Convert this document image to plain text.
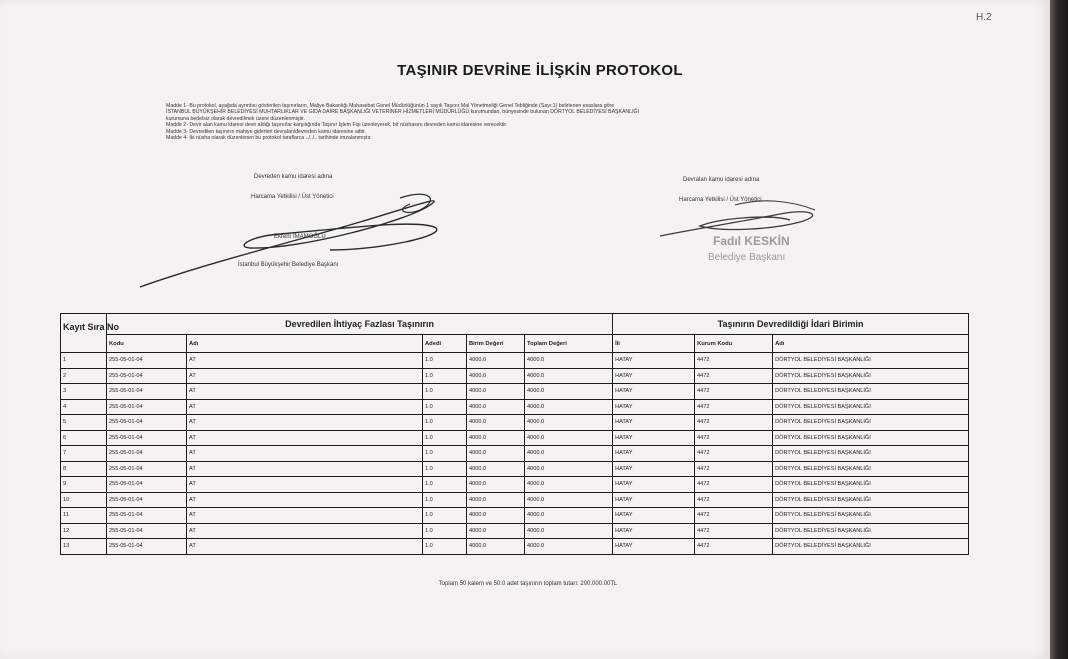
H.2
TAŞINIR DEVRİNE İLİŞKİN PROTOKOL

Madde 1- Bu protokol, aşağıda ayrıntısı gösterilen taşınırların, Maliye Bakanlığı Muhasebat Genel Müdürlüğünün 1 sayılı Taşınır Mal Yönetmeliği Genel Tebliğinde (Sayı:1) belirlenen esaslara göre

İSTANBUL BÜYÜKŞEHİR BELEDİYESİ MUHTARLIKLAR VE GIDA DAİRE BAŞKANLIĞI VETERİNER HİZMETLERİ MÜDÜRLÜĞÜ kurumundan, bünyesinde bulunan DÖRTYOL BELEDİYESİ BAŞKANLIĞI

kurumuna bedelsiz olarak devredilmek üzere düzenlenmiştir.

Madde 2- Devir alan kamu idaresi devir aldığı taşınırlar karşılığında Taşınır İşlem Fişi üzenleyerek, bir nüshasını devreden kamu idaresine verecektir.

Madde 3- Devredilen taşınırın mahiye giderleri devralan/devreden kamu idaresine aittir.

Madde 4- İki nüsha olarak düzenlenen bu protokol taraflarca ../../.. tarihinde imzalanmıştır.

Devreden kamu idaresi adına
Harcama Yetkilisi / Üst Yönetici
Ekrem İMAMOĞLU
İstanbul Büyükşehir Belediye Başkanı
Devralan kamu idaresi adına
Harcama Yetkilisi / Üst Yönetici
Fadıl KESKİN
Belediye Başkanı
Kayıt Sıra No	Devredilen İhtiyaç Fazlası Taşınırın					Taşınırın Devredildiği İdari Birimin		
	Kodu	Adı	Adedi	Birim Değeri	Toplam Değeri	İli	Kurum Kodu	Adı
1	255-05-01-04	AT	1.0	4000.0	4000.0	HATAY	4472	DÖRTYOL BELEDİYESİ BAŞKANLIĞI
2	255-05-01-04	AT	1.0	4000.0	4000.0	HATAY	4472	DÖRTYOL BELEDİYESİ BAŞKANLIĞI
3	255-05-01-04	AT	1.0	4000.0	4000.0	HATAY	4472	DÖRTYOL BELEDİYESİ BAŞKANLIĞI
4	255-05-01-04	AT	1.0	4000.0	4000.0	HATAY	4472	DÖRTYOL BELEDİYESİ BAŞKANLIĞI
5	255-05-01-04	AT	1.0	4000.0	4000.0	HATAY	4472	DÖRTYOL BELEDİYESİ BAŞKANLIĞI
6	255-05-01-04	AT	1.0	4000.0	4000.0	HATAY	4472	DÖRTYOL BELEDİYESİ BAŞKANLIĞI
7	255-05-01-04	AT	1.0	4000.0	4000.0	HATAY	4472	DÖRTYOL BELEDİYESİ BAŞKANLIĞI
8	255-05-01-04	AT	1.0	4000.0	4000.0	HATAY	4472	DÖRTYOL BELEDİYESİ BAŞKANLIĞI
9	255-05-01-04	AT	1.0	4000.0	4000.0	HATAY	4472	DÖRTYOL BELEDİYESİ BAŞKANLIĞI
10	255-05-01-04	AT	1.0	4000.0	4000.0	HATAY	4472	DÖRTYOL BELEDİYESİ BAŞKANLIĞI
11	255-05-01-04	AT	1.0	4000.0	4000.0	HATAY	4472	DÖRTYOL BELEDİYESİ BAŞKANLIĞI
12	255-05-01-04	AT	1.0	4000.0	4000.0	HATAY	4472	DÖRTYOL BELEDİYESİ BAŞKANLIĞI
13	255-05-01-04	AT	1.0	4000.0	4000.0	HATAY	4472	DÖRTYOL BELEDİYESİ BAŞKANLIĞI
Toplam 50 kalem ve 50.0 adet taşınırın toplam tutarı: 200.000.00TL
